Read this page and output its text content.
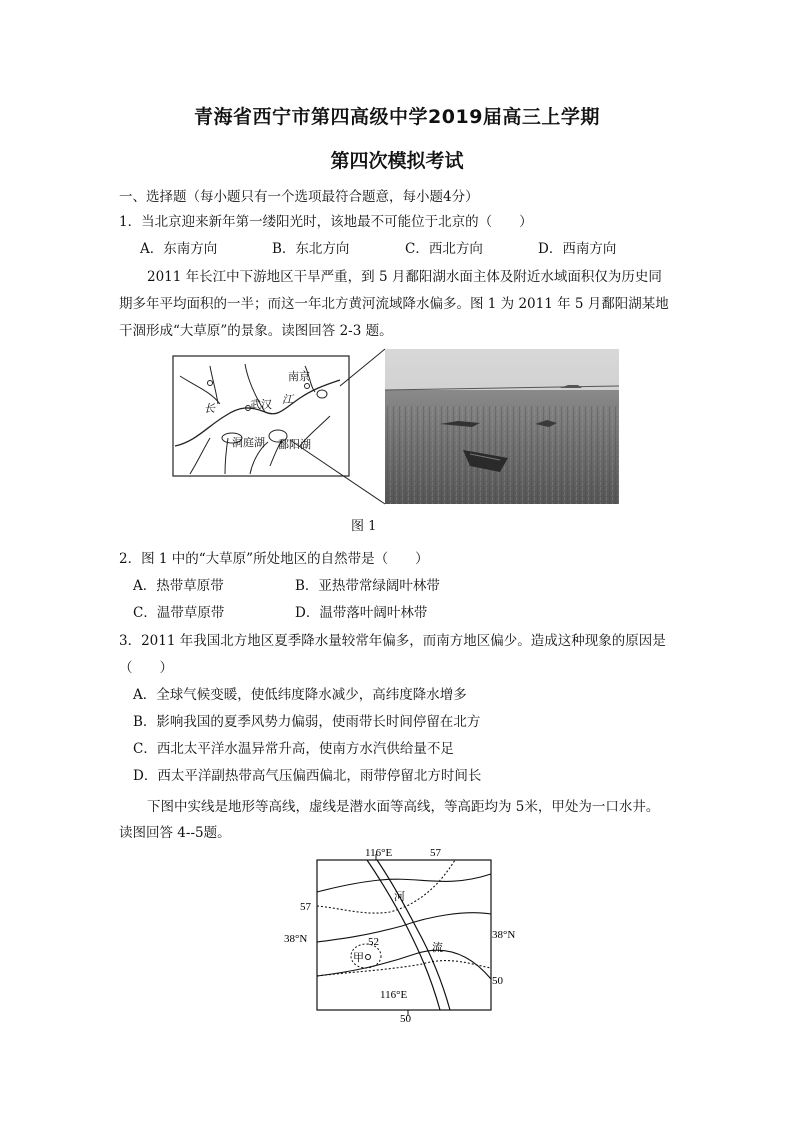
青海省西宁市第四高级中学2019届高三上学期
第四次模拟考试
一、选择题（每小题只有一个选项最符合题意，每小题4分）
1．当北京迎来新年第一缕阳光时，该地最不可能位于北京的（　　）
A．东南方向	B．东北方向	C．西北方向	D．西南方向
2011 年长江中下游地区干旱严重，到 5 月鄱阳湖水面主体及附近水域面积仅为历史同
期多年平均面积的一半；而这一年北方黄河流域降水偏多。图 1 为 2011 年 5 月鄱阳湖某地
干涸形成“大草原”的景象。读图回答 2-3 题。
南京
武汉
长
江
洞庭湖 鄱阳湖
图 1
2．图 1 中的“大草原”所处地区的自然带是（　　）
A．热带草原带	B．亚热带常绿阔叶林带
C．温带草原带	D．温带落叶阔叶林带
3．2011 年我国北方地区夏季降水量较常年偏多，而南方地区偏少。造成这种现象的原因是
（　　）
A．全球气候变暖，使低纬度降水减少，高纬度降水增多
B．影响我国的夏季风势力偏弱，使雨带长时间停留在北方
C．西北太平洋水温异常升高，使南方水汽供给量不足
D．西太平洋副热带高气压偏西偏北，雨带停留北方时间长
下图中实线是地形等高线，虚线是潜水面等高线，等高距均为 5米，甲处为一口水井。
读图回答 4--5题。
116°E	57
57
38°N	38°N
52
甲
河
流
50
116°E
50
